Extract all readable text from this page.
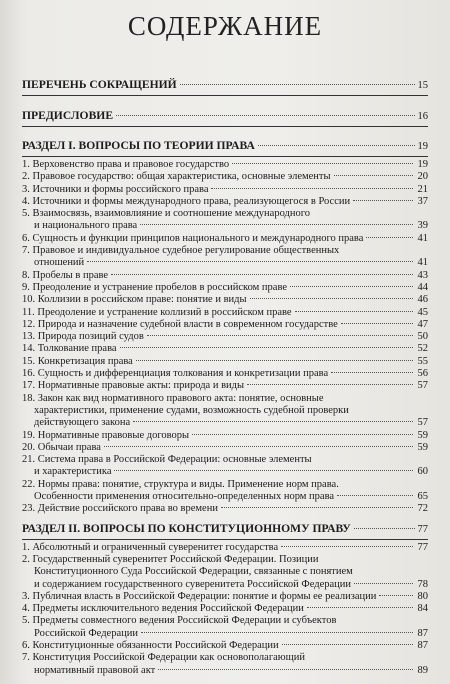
СОДЕРЖАНИЕ
ПЕРЕЧЕНЬ СОКРАЩЕНИЙ	15
ПРЕДИСЛОВИЕ	16
РАЗДЕЛ I. ВОПРОСЫ ПО ТЕОРИИ ПРАВА	19
1. Верховенство права и правовое государство	19
2. Правовое государство: общая характеристика, основные элементы	20
3. Источники и формы российского права	21
4. Источники и формы международного права, реализующегося в России	37
5. Взаимосвязь, взаимовлияние и соотношение международного
и национального права	39
6. Сущность и функции принципов национального и международного права	41
7. Правовое и индивидуальное судебное регулирование общественных
отношений	41
8. Пробелы в праве	43
9. Преодоление и устранение пробелов в российском праве	44
10. Коллизии в российском праве: понятие и виды	46
11. Преодоление и устранение коллизий в российском праве	45
12. Природа и назначение судебной власти в современном государстве	47
13. Природа позиций судов	50
14. Толкование права	52
15. Конкретизация права	55
16. Сущность и дифференциация толкования и конкретизации права	56
17. Нормативные правовые акты: природа и виды	57
18. Закон как вид нормативного правового акта: понятие, основные
характеристики, применение судами, возможность судебной проверки
действующего закона	57
19. Нормативные правовые договоры	59
20. Обычаи права	59
21. Система права в Российской Федерации: основные элементы
и характеристика	60
22. Нормы права: понятие, структура и виды. Применение норм права.
Особенности применения относительно-определенных норм права	65
23. Действие российского права во времени	72
РАЗДЕЛ II. ВОПРОСЫ ПО КОНСТИТУЦИОННОМУ ПРАВУ	77
1. Абсолютный и ограниченный суверенитет государства	77
2. Государственный суверенитет Российской Федерации. Позиции
Конституционного Суда Российской Федерации, связанные с понятием
и содержанием государственного суверенитета Российской Федерации	78
3. Публичная власть в Российской Федерации: понятие и формы ее реализации	80
4. Предметы исключительного ведения Российской Федерации	84
5. Предметы совместного ведения Российской Федерации и субъектов
Российской Федерации	87
6. Конституционные обязанности Российской Федерации	87
7. Конституция Российской Федерации как основополагающий
нормативный правовой акт	89
